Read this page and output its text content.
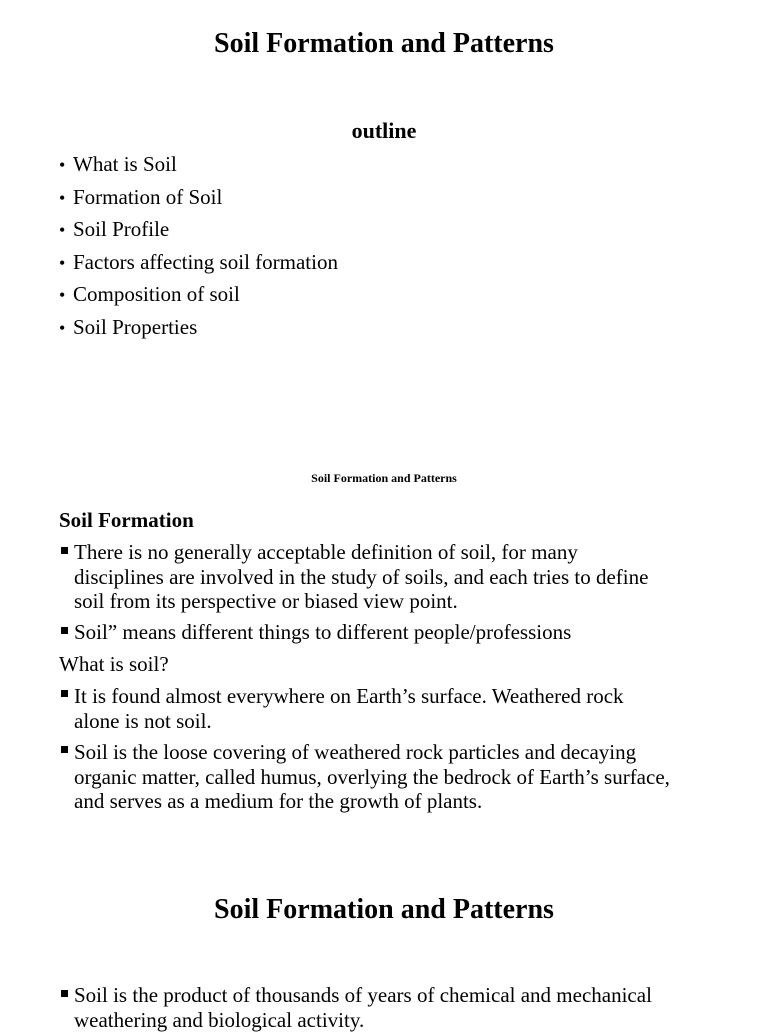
Soil Formation and Patterns
outline
• What is Soil
• Formation of Soil
• Soil Profile
• Factors affecting soil formation
• Composition of soil
• Soil Properties
Soil Formation and Patterns
Soil Formation
There is no generally acceptable definition of soil, for many
disciplines are involved in the study of soils, and each tries to define
soil from its perspective or biased view point.
Soil” means different things to different people/professions
What is soil?
It is found almost everywhere on Earth’s surface. Weathered rock
alone is not soil.
Soil is the loose covering of weathered rock particles and decaying
organic matter, called humus, overlying the bedrock of Earth’s surface,
and serves as a medium for the growth of plants.
Soil Formation and Patterns
Soil is the product of thousands of years of chemical and mechanical
weathering and biological activity.
